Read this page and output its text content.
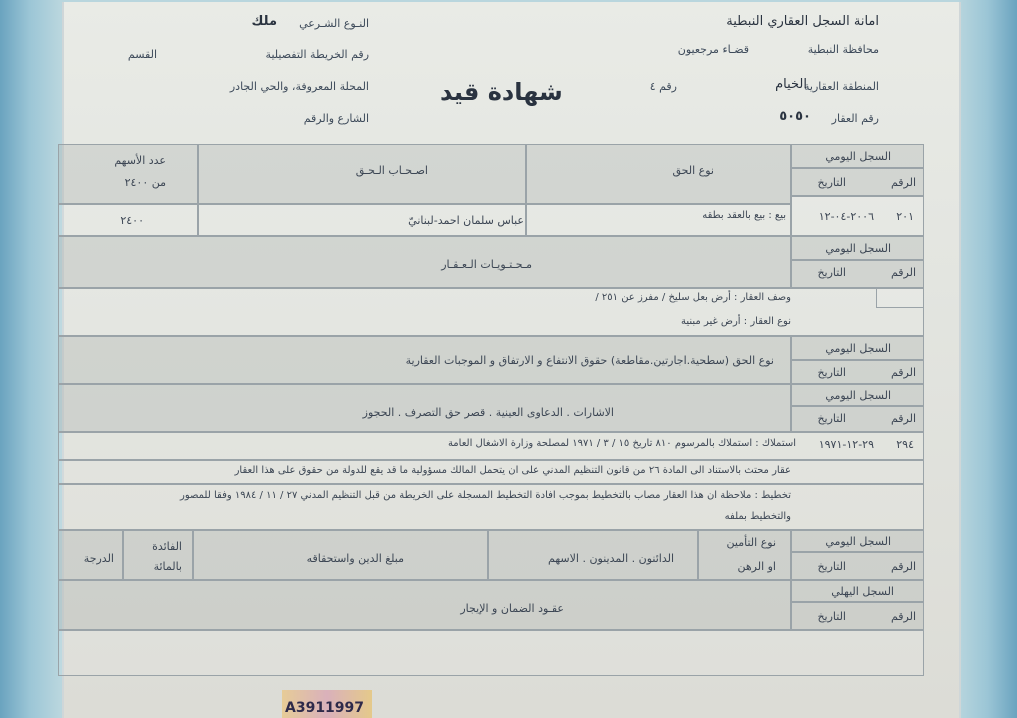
امانة السجل العقاري النبطية
محافظة النبطية
قضـاء مرجعيون
المنطقة العقارية
الخيام
رقم ٤
رقم العقار
٥٠٥٠
شهادة قيد
النـوع الشـرعي
ملك
رقم الخريطة التفصيلية
القسم
المحلة المعروفة، والحي الجادر
الشارع والرقم
السجل اليومي
الرقم
التاريخ
نوع الحق
اصـحـاب الـحـق
عدد الأسهم
من ٢٤٠٠
٢٠١
٢٠٠٦-٠٤-١٢
بيع : بيع بالعقد بطقه
عباس سلمان احمد-لبنانيّ
٢٤٠٠
السجل اليومي
الرقم
التاريخ
مـحـتـويـات الـعـقـار
وصف العقار : أرض بعل سليخ / مفرز عن ٢٥١ /
نوع العقار : أرض غير مبنية
السجل اليومي
الرقم
التاريخ
نوع الحق (سطحية.اجارتين.مقاطعة) حقوق الانتفاع و الارتفاق و الموجبات العقارية
السجل اليومي
الرقم
التاريخ
الاشارات . الدعاوى العينية . قصر حق التصرف . الحجوز
٢٩٤
٢٩-١٢-١٩٧١
استملاك : استملاك بالمرسوم ٨١٠ تاريخ ١٥ / ٣ / ١٩٧١ لمصلحة وزارة الاشغال العامة
عقار محتث بالاستناد الى المادة ٢٦ من قانون التنظيم المدني على ان يتحمل المالك مسؤولية ما قد يقع للدولة من حقوق على هذا العقار
تخطيط : ملاحظة ان هذا العقار مصاب بالتخطيط بموجب افادة التخطيط المسجلة على الخريطة من قبل التنظيم المدني ٢٧ / ١١ / ١٩٨٤ وفقا للمصور
والتخطيط بملفه
السجل اليومي
الرقم
التاريخ
نوع التأمين
او الرهن
الدائنون . المدينون . الاسهم
مبلغ الدين واستحقاقه
الفائدة
بالمائة
الدرجة
السجل اليهلي
الرقم
التاريخ
عقـود الضمان و الإيجار
A3911997
